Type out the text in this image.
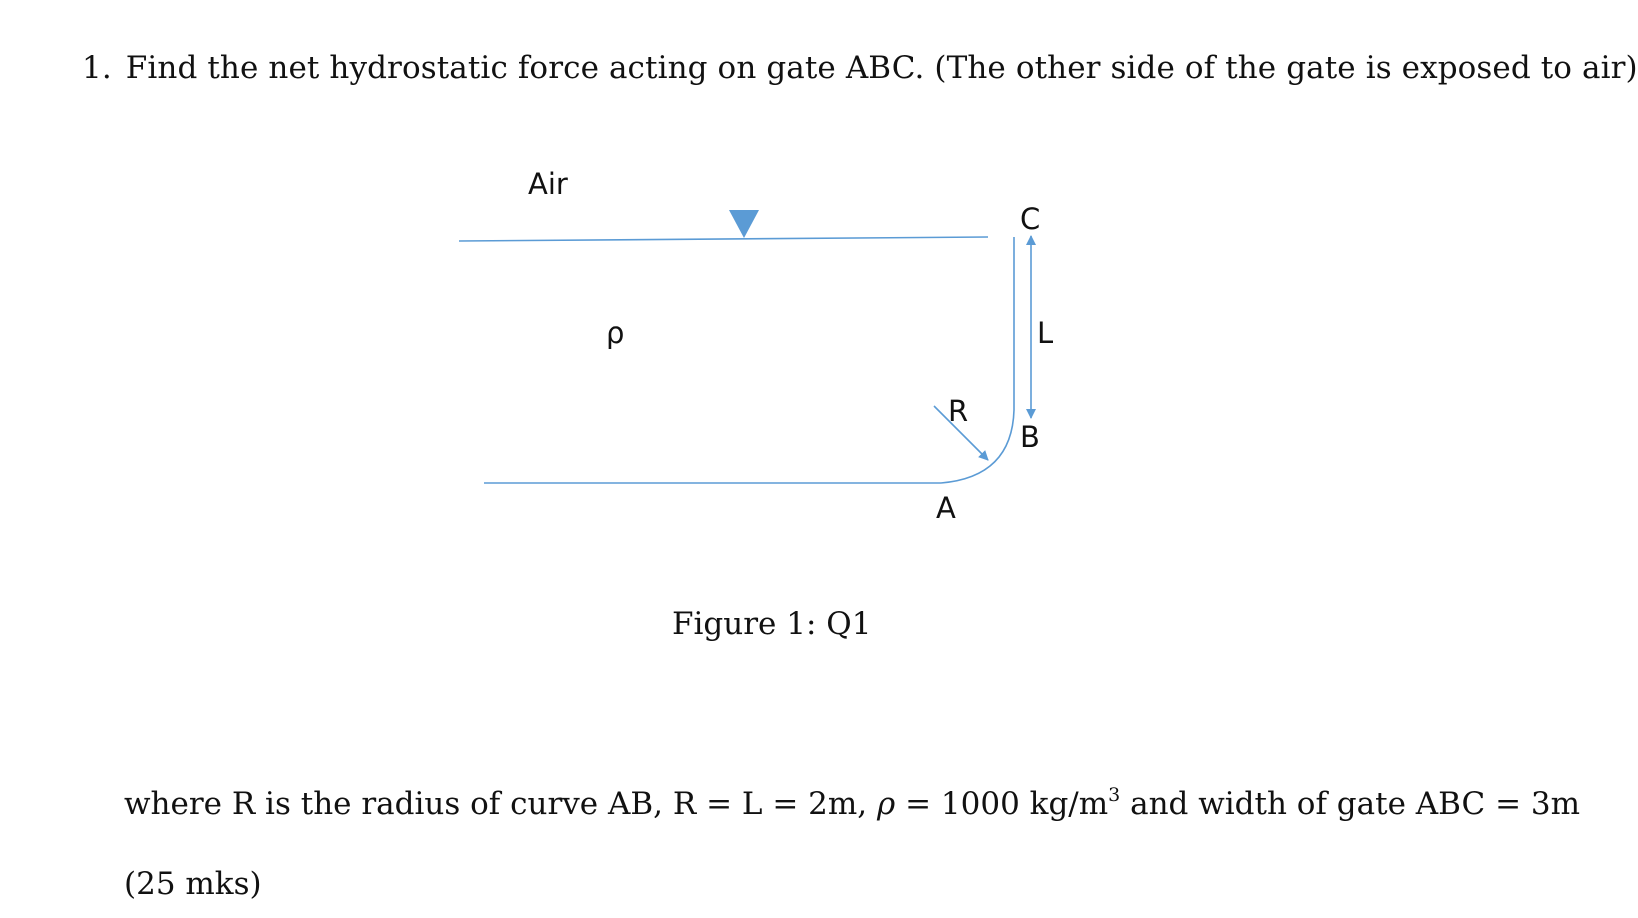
1. Find the net hydrostatic force acting on gate ABC. (The other side of the gate is exposed to air)
Air
ρ
C
L
R
B
A
Figure 1: Q1
where R is the radius of curve AB, R = L = 2m, ρ = 1000 $kg/m^3$ and width of gate ABC = 3m
(25 mks)
